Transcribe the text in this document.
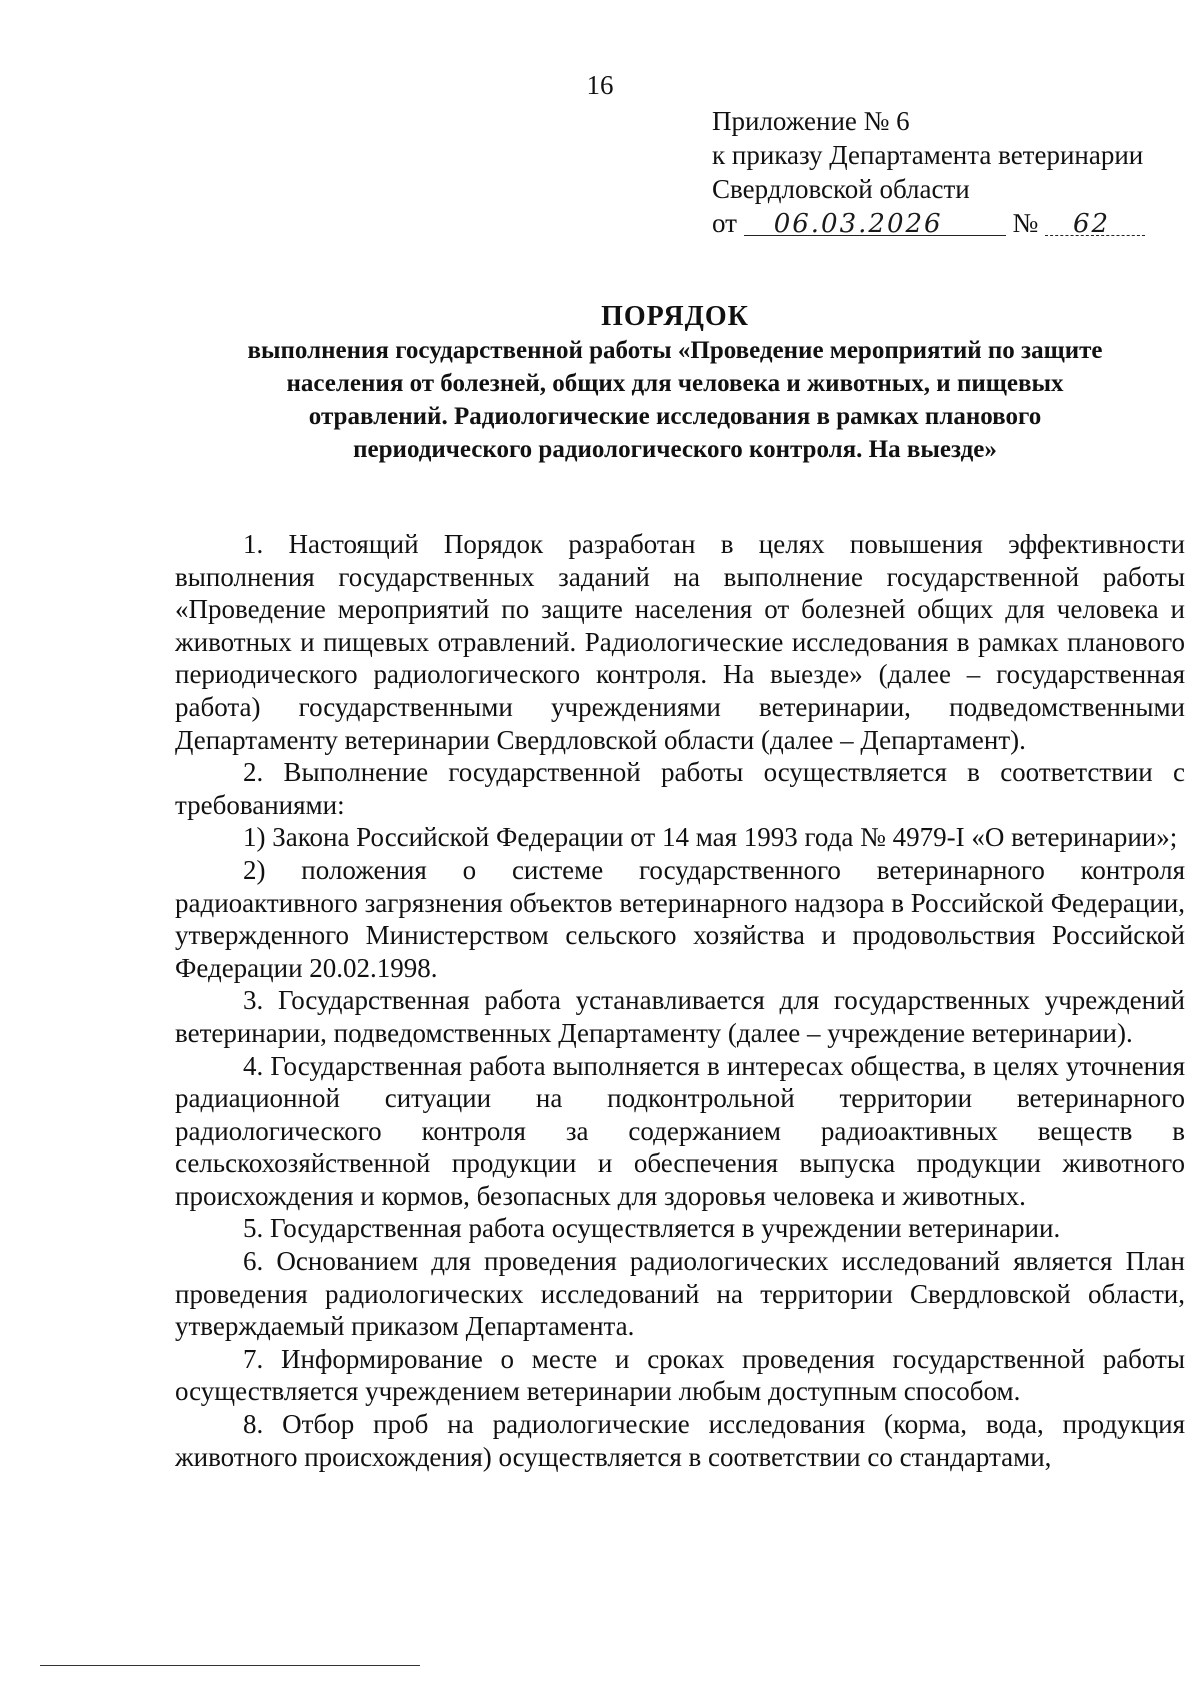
16
Приложение № 6
к приказу Департамента ветеринарии
Свердловской области
от 06.03.2026	№ 62
ПОРЯДОК
выполнения государственной работы «Проведение мероприятий по защите
населения от болезней, общих для человека и животных, и пищевых
отравлений. Радиологические исследования в рамках планового
периодического радиологического контроля. На выезде»

1. Настоящий Порядок разработан в целях повышения эффективности выполнения государственных заданий на выполнение государственной работы «Проведение мероприятий по защите населения от болезней общих для человека и животных и пищевых отравлений. Радиологические исследования в рамках планового периодического радиологического контроля. На выезде» (далее – государственная работа) государственными учреждениями ветеринарии, подведомственными Департаменту ветеринарии Свердловской области (далее – Департамент).

2. Выполнение государственной работы осуществляется в соответствии с требованиями:

1) Закона Российской Федерации от 14 мая 1993 года № 4979-I «О ветеринарии»;

2) положения о системе государственного ветеринарного контроля радиоактивного загрязнения объектов ветеринарного надзора в Российской Федерации, утвержденного Министерством сельского хозяйства и продовольствия Российской Федерации 20.02.1998.

3. Государственная работа устанавливается для государственных учреждений ветеринарии, подведомственных Департаменту (далее – учреждение ветеринарии).

4. Государственная работа выполняется в интересах общества, в целях уточнения радиационной ситуации на подконтрольной территории ветеринарного радиологического контроля за содержанием радиоактивных веществ в сельскохозяйственной продукции и обеспечения выпуска продукции животного происхождения и кормов, безопасных для здоровья человека и животных.

5. Государственная работа осуществляется в учреждении ветеринарии.

6. Основанием для проведения радиологических исследований является План проведения радиологических исследований на территории Свердловской области, утверждаемый приказом Департамента.

7. Информирование о месте и сроках проведения государственной работы осуществляется учреждением ветеринарии любым доступным способом.

8. Отбор проб на радиологические исследования (корма, вода, продукция животного происхождения) осуществляется в соответствии со стандартами,
